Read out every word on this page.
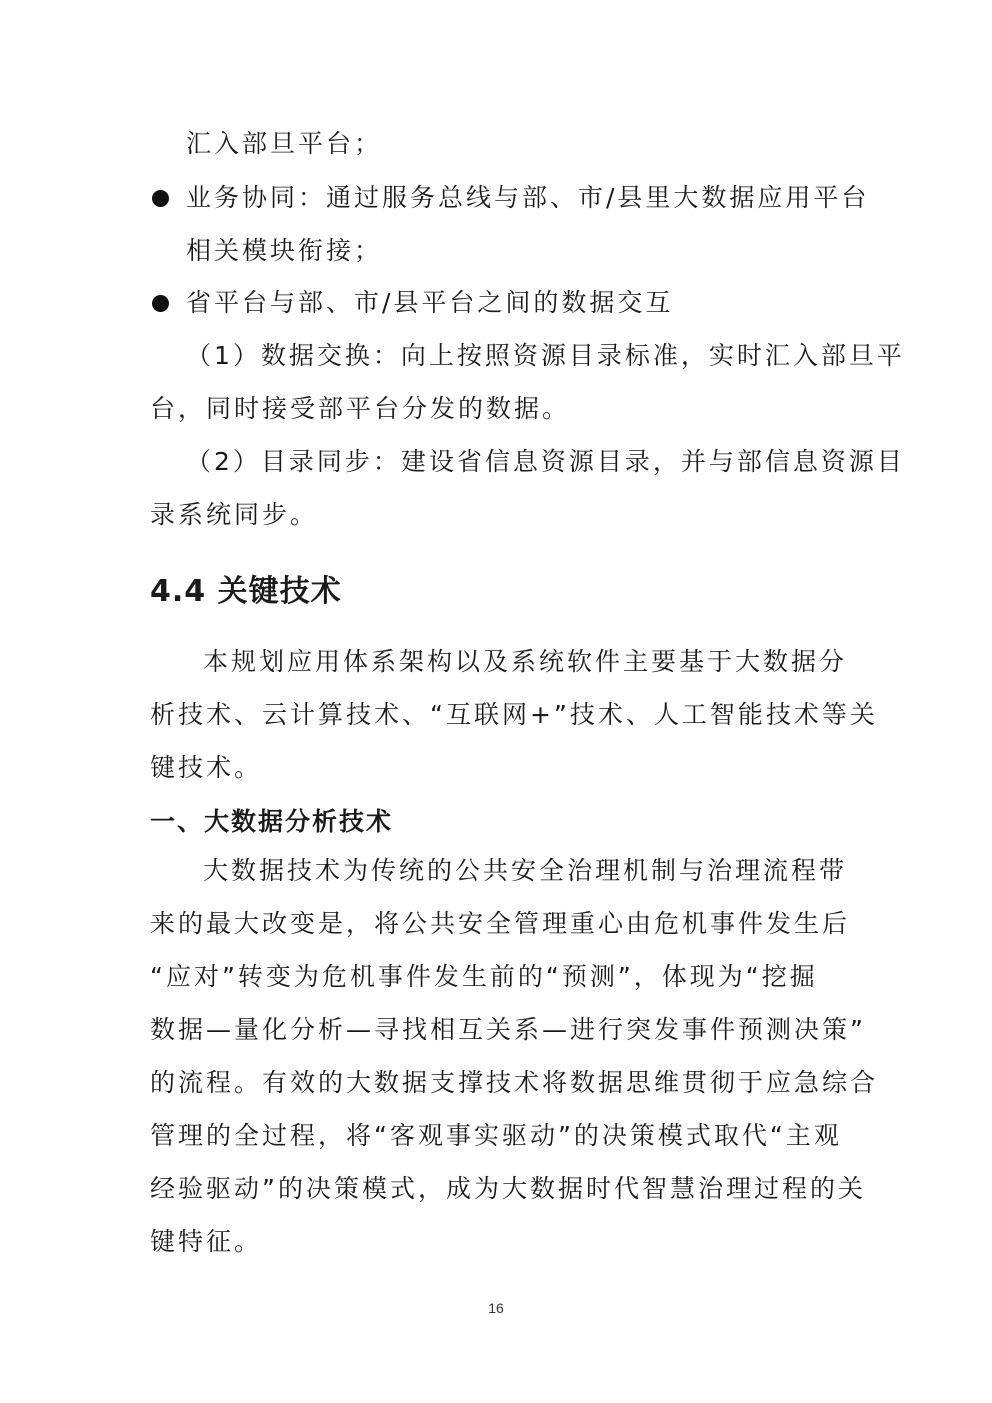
汇入部旦平台；
业务协同：通过服务总线与部、市/县里大数据应用平台
相关模块衔接；
省平台与部、市/县平台之间的数据交互
（1）数据交换：向上按照资源目录标准，实时汇入部旦平
台，同时接受部平台分发的数据。
（2）目录同步：建设省信息资源目录，并与部信息资源目
录系统同步。
4.4 关键技术
本规划应用体系架构以及系统软件主要基于大数据分
析技术、云计算技术、“互联网+”技术、人工智能技术等关
键技术。
一、大数据分析技术
大数据技术为传统的公共安全治理机制与治理流程带
来的最大改变是，将公共安全管理重心由危机事件发生后
“应对”转变为危机事件发生前的“预测”，体现为“挖掘
数据—量化分析—寻找相互关系—进行突发事件预测决策”
的流程。有效的大数据支撑技术将数据思维贯彻于应急综合
管理的全过程，将“客观事实驱动”的决策模式取代“主观
经验驱动”的决策模式，成为大数据时代智慧治理过程的关
键特征。
16
